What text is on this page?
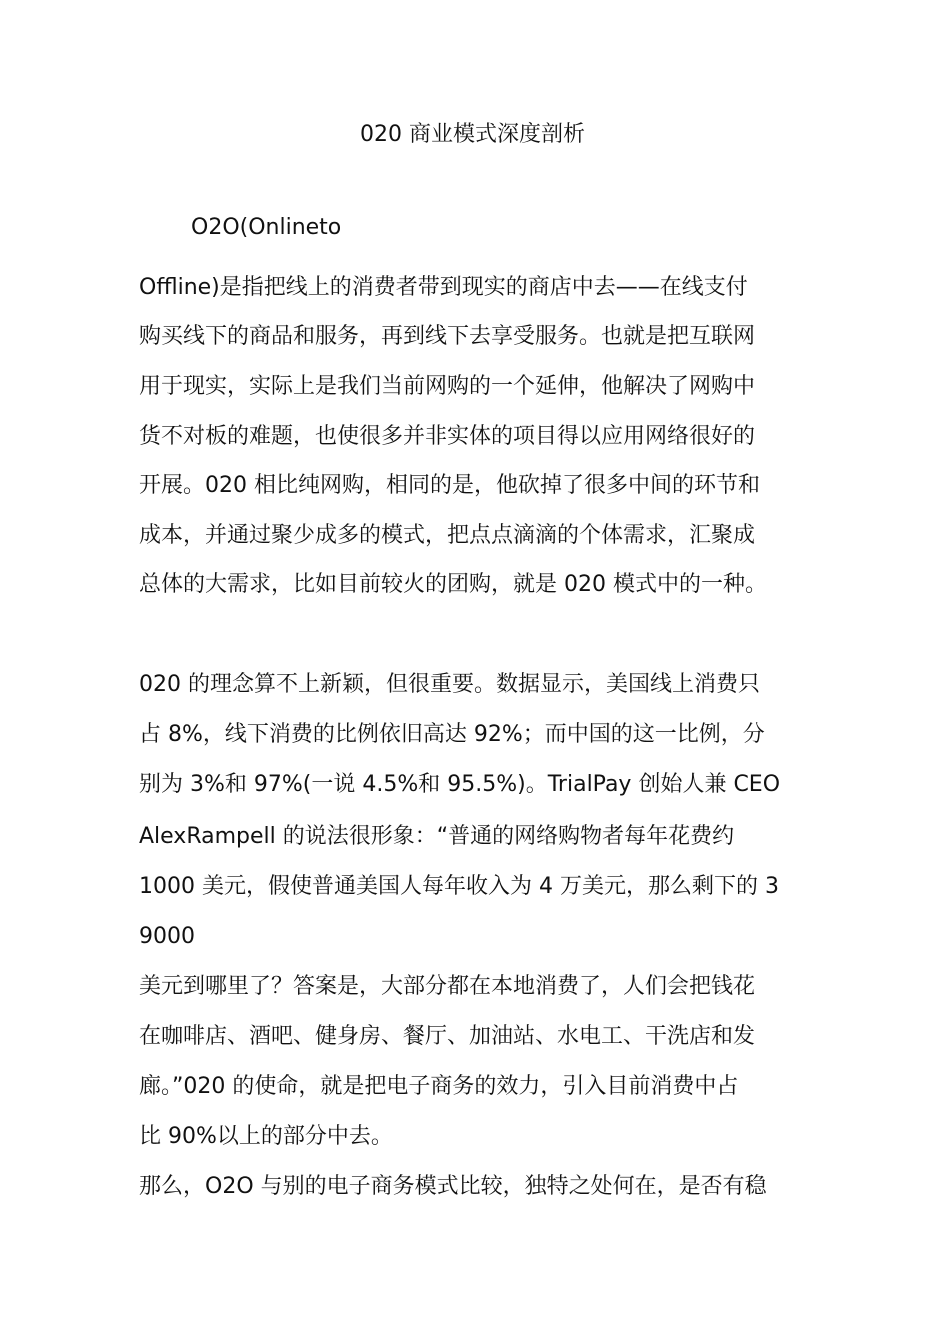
020 商业模式深度剖析
O2O(Onlineto
Offline)是指把线上的消费者带到现实的商店中去——在线支付
购买线下的商品和服务，再到线下去享受服务。也就是把互联网
用于现实，实际上是我们当前网购的一个延伸，他解决了网购中
货不对板的难题，也使很多并非实体的项目得以应用网络很好的
开展。020 相比纯网购，相同的是，他砍掉了很多中间的环节和
成本，并通过聚少成多的模式，把点点滴滴的个体需求，汇聚成
总体的大需求，比如目前较火的团购，就是 020 模式中的一种。
020 的理念算不上新颖，但很重要。数据显示，美国线上消费只
占 8%，线下消费的比例依旧高达 92%；而中国的这一比例，分
别为 3%和 97%(一说 4.5%和 95.5%)。TrialPay 创始人兼 CEO
AlexRampell 的说法很形象：“普通的网络购物者每年花费约
1000 美元，假使普通美国人每年收入为 4 万美元，那么剩下的 3
9000
美元到哪里了？答案是，大部分都在本地消费了，人们会把钱花
在咖啡店、酒吧、健身房、餐厅、加油站、水电工、干洗店和发
廊。”020 的使命，就是把电子商务的效力，引入目前消费中占
比 90%以上的部分中去。
那么，O2O 与别的电子商务模式比较，独特之处何在，是否有稳
